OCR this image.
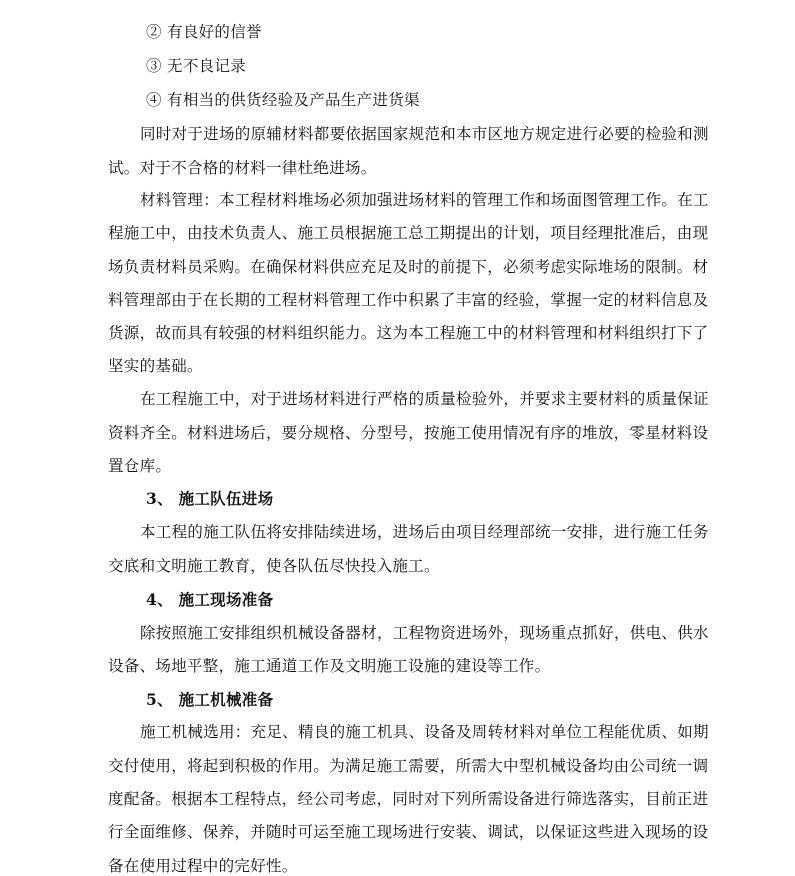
② 有良好的信誉
③ 无不良记录
④ 有相当的供货经验及产品生产进货渠
同时对于进场的原辅材料都要依据国家规范和本市区地方规定进行必要的检验和测
试。对于不合格的材料一律杜绝进场。
材料管理：本工程材料堆场必须加强进场材料的管理工作和场面图管理工作。在工
程施工中，由技术负责人、施工员根据施工总工期提出的计划，项目经理批准后，由现
场负责材料员采购。在确保材料供应充足及时的前提下，必须考虑实际堆场的限制。材
料管理部由于在长期的工程材料管理工作中积累了丰富的经验，掌握一定的材料信息及
货源，故而具有较强的材料组织能力。这为本工程施工中的材料管理和材料组织打下了
坚实的基础。
在工程施工中，对于进场材料进行严格的质量检验外，并要求主要材料的质量保证
资料齐全。材料进场后，要分规格、分型号，按施工使用情况有序的堆放，零星材料设
置仓库。
3、 施工队伍进场
本工程的施工队伍将安排陆续进场，进场后由项目经理部统一安排，进行施工任务
交底和文明施工教育，使各队伍尽快投入施工。
4、 施工现场准备
除按照施工安排组织机械设备器材，工程物资进场外，现场重点抓好，供电、供水
设备、场地平整，施工通道工作及文明施工设施的建设等工作。
5、 施工机械准备
施工机械选用：充足、精良的施工机具、设备及周转材料对单位工程能优质、如期
交付使用，将起到积极的作用。为满足施工需要，所需大中型机械设备均由公司统一调
度配备。根据本工程特点，经公司考虑，同时对下列所需设备进行筛选落实，目前正进
行全面维修、保养，并随时可运至施工现场进行安装、调试，以保证这些进入现场的设
备在使用过程中的完好性。
